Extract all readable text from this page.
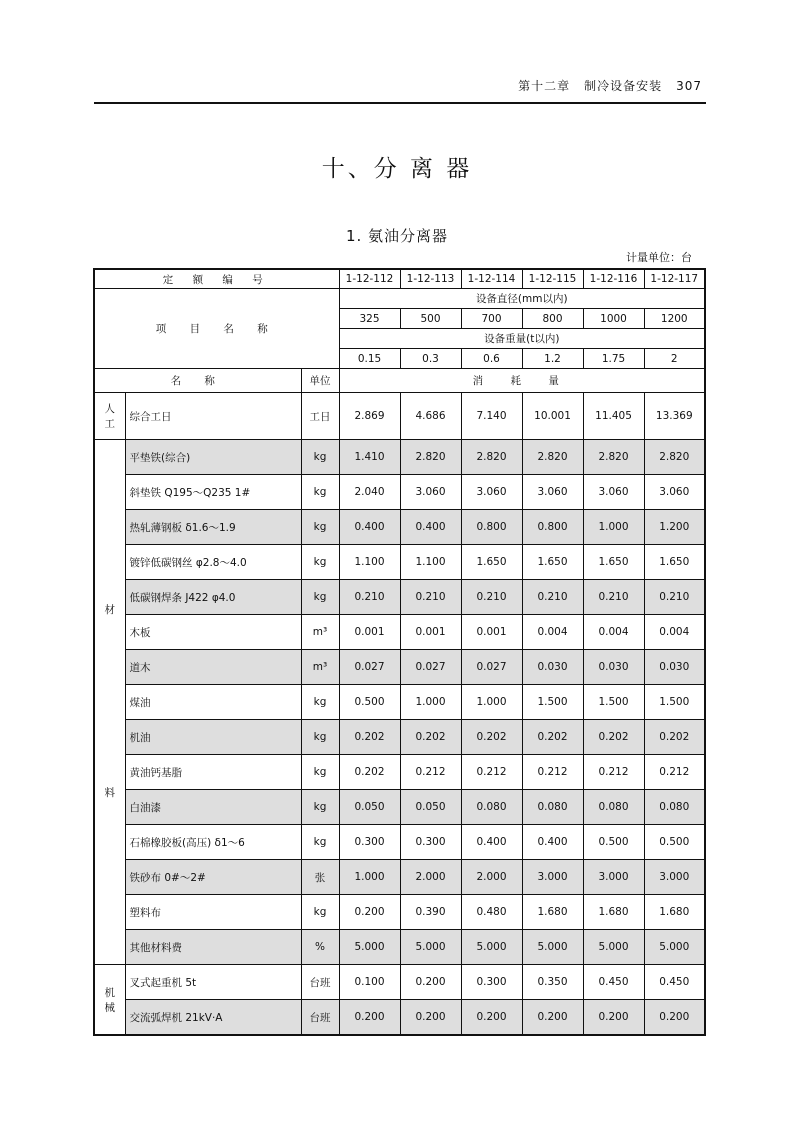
第十二章 制冷设备安装 307
十、分 离 器
1. 氨油分离器
计量单位：台
定 额 编 号			1-12-112	1-12-113	1-12-114	1-12-115	1-12-116	1-12-117
项 目 名 称			设备直径(mm以内)					
			325	500	700	800	1000	1200
			设备重量(t以内)					
			0.15	0.3	0.6	1.2	1.75	2
名 称		单位	消 耗 量					
人工	综合工日	工日	2.869	4.686	7.140	10.001	11.405	13.369

材
料	平垫铁(综合)	kg	1.410	2.820	2.820	2.820	2.820	2.820
	斜垫铁 Q195～Q235 1#	kg	2.040	3.060	3.060	3.060	3.060	3.060
	热轧薄钢板 δ1.6～1.9	kg	0.400	0.400	0.800	0.800	1.000	1.200
	镀锌低碳钢丝 φ2.8～4.0	kg	1.100	1.100	1.650	1.650	1.650	1.650
	低碳钢焊条 J422 φ4.0	kg	0.210	0.210	0.210	0.210	0.210	0.210
	木板	m³	0.001	0.001	0.001	0.004	0.004	0.004
	道木	m³	0.027	0.027	0.027	0.030	0.030	0.030
	煤油	kg	0.500	1.000	1.000	1.500	1.500	1.500
	机油	kg	0.202	0.202	0.202	0.202	0.202	0.202
	黄油钙基脂	kg	0.202	0.212	0.212	0.212	0.212	0.212
	白油漆	kg	0.050	0.050	0.080	0.080	0.080	0.080
	石棉橡胶板(高压) δ1～6	kg	0.300	0.300	0.400	0.400	0.500	0.500
	铁砂布 0#～2#	张	1.000	2.000	2.000	3.000	3.000	3.000
	塑料布	kg	0.200	0.390	0.480	1.680	1.680	1.680
	其他材料费	%	5.000	5.000	5.000	5.000	5.000	5.000
机械	叉式起重机 5t	台班	0.100	0.200	0.300	0.350	0.450	0.450
	交流弧焊机 21kV·A	台班	0.200	0.200	0.200	0.200	0.200	0.200
